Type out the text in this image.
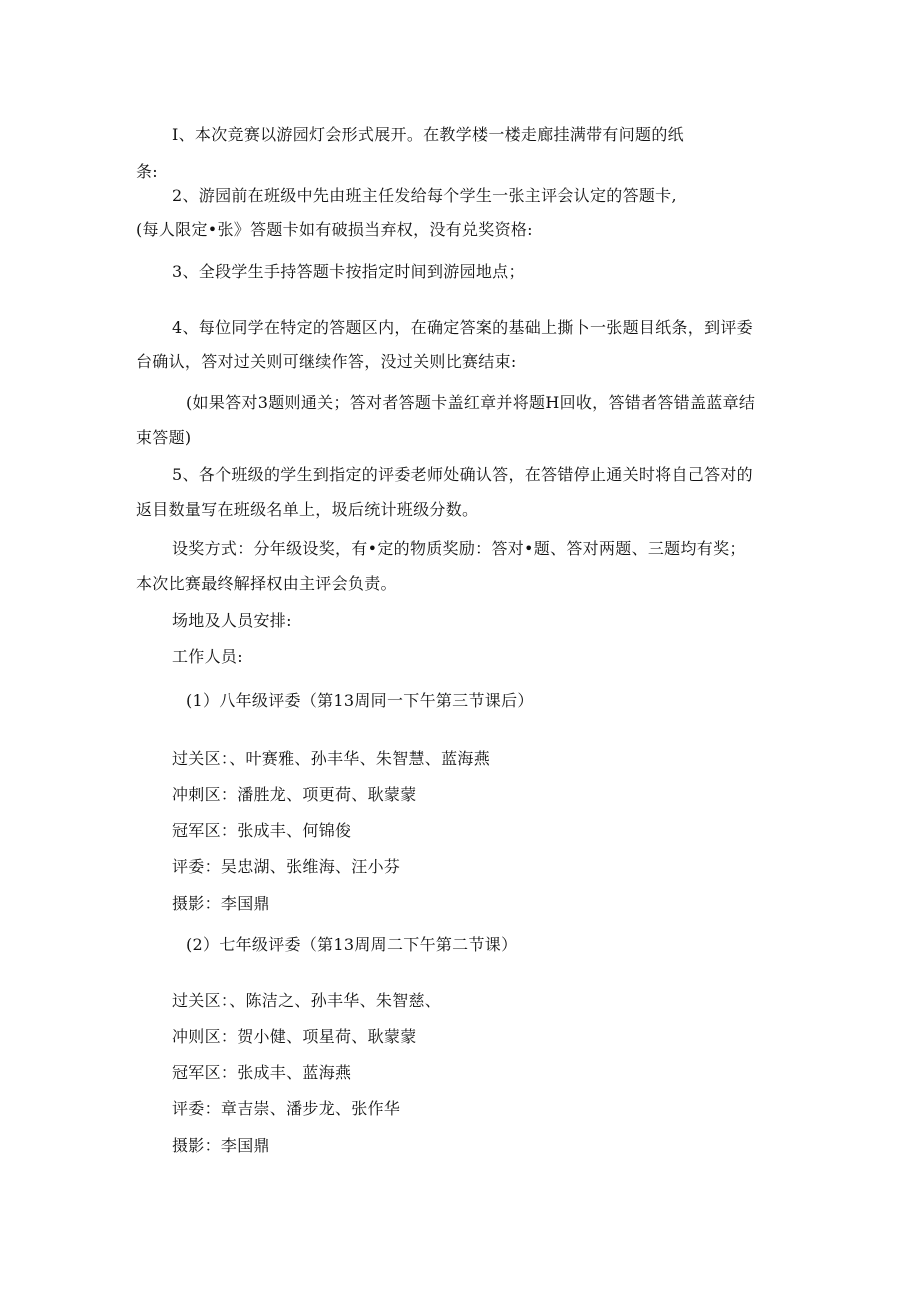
I、本次竞赛以游园灯会形式展开。在教学楼一楼走廊挂满带有问题的纸
条:
2、游园前在班级中先由班主任发给每个学生一张主评会认定的答题卡,
(每人限定•张》答题卡如有破损当弃权，没有兑奖资格:
3、全段学生手持答题卡按指定时间到游园地点；
4、每位同学在特定的答题区内，在确定答案的基础上撕卜一张题目纸条，到评委
台确认，答对过关则可继续作答，没过关则比赛结束:
(如果答对3题则通关；答对者答题卡盖红章并将题H回收，答错者答错盖蓝章结
束答题)
5、各个班级的学生到指定的评委老师处确认答，在答错停止通关时将自己答对的
返目数量写在班级名单上，圾后统计班级分数。
设奖方式：分年级设奖，有•定的物质奖励：答对•题、答对两题、三题均有奖；
本次比赛最终解择权由主评会负责。
场地及人员安排:
工作人员:
(1）八年级评委（第13周同一下午第三节课后）
过关区：、叶赛雅、孙丰华、朱智慧、蓝海燕
冲刺区：潘胜龙、项更荷、耿蒙蒙
冠军区：张成丰、何锦俊
评委：吴忠湖、张维海、汪小芬
摄影：李国鼎
(2）七年级评委（第13周周二下午第二节课）
过关区：、陈洁之、孙丰华、朱智慈、
冲则区：贺小健、项星荷、耿蒙蒙
冠军区：张成丰、蓝海燕
评委：章吉崇、潘步龙、张作华
摄影：李国鼎
